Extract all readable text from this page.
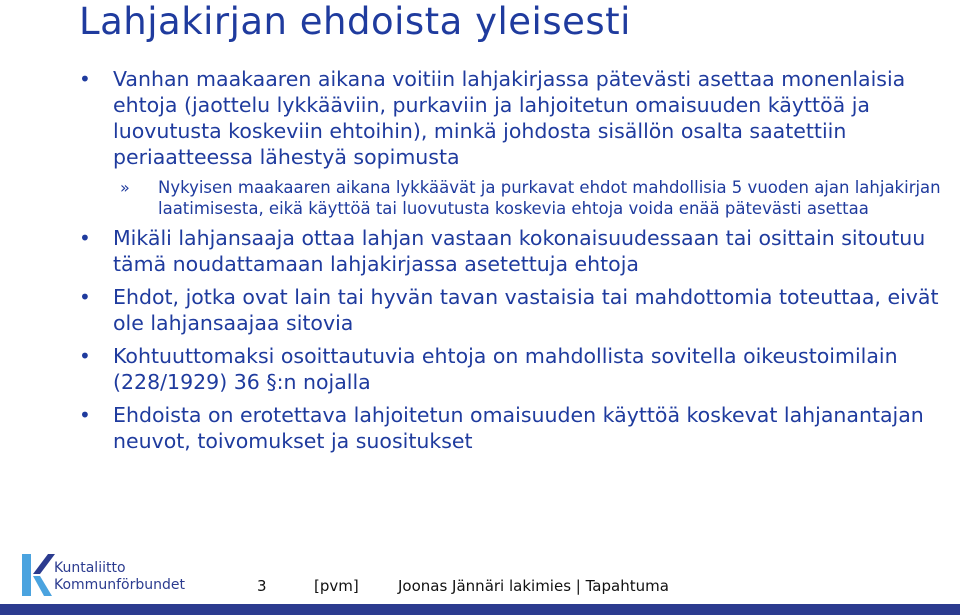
Lahjakirjan ehdoista yleisesti
•	Vanhan maakaaren aikana voitiin lahjakirjassa pätevästi asettaa monenlaisia ehtoja (jaottelu lykkääviin, purkaviin ja lahjoitetun omaisuuden käyttöä ja luovutusta koskeviin ehtoihin), minkä johdosta sisällön osalta saatettiin periaatteessa lähestyä sopimusta
» Nykyisen maakaaren aikana lykkäävät ja purkavat ehdot mahdollisia 5 vuoden ajan lahjakirjan laatimisesta, eikä käyttöä tai luovutusta koskevia ehtoja voida enää pätevästi asettaa
•	Mikäli lahjansaaja ottaa lahjan vastaan kokonaisuudessaan tai osittain sitoutuu tämä noudattamaan lahjakirjassa asetettuja ehtoja
•	Ehdot, jotka ovat lain tai hyvän tavan vastaisia tai mahdottomia toteuttaa, eivät ole lahjansaajaa sitovia
•	Kohtuuttomaksi osoittautuvia ehtoja on mahdollista sovitella oikeustoimilain (228/1929) 36 §:n nojalla
•	Ehdoista on erotettava lahjoitetun omaisuuden käyttöä koskevat lahjanantajan neuvot, toivomukset ja suositukset
Kuntaliitto
Kommunförbundet	3	[pvm]	Joonas Jännäri lakimies | Tapahtuma
